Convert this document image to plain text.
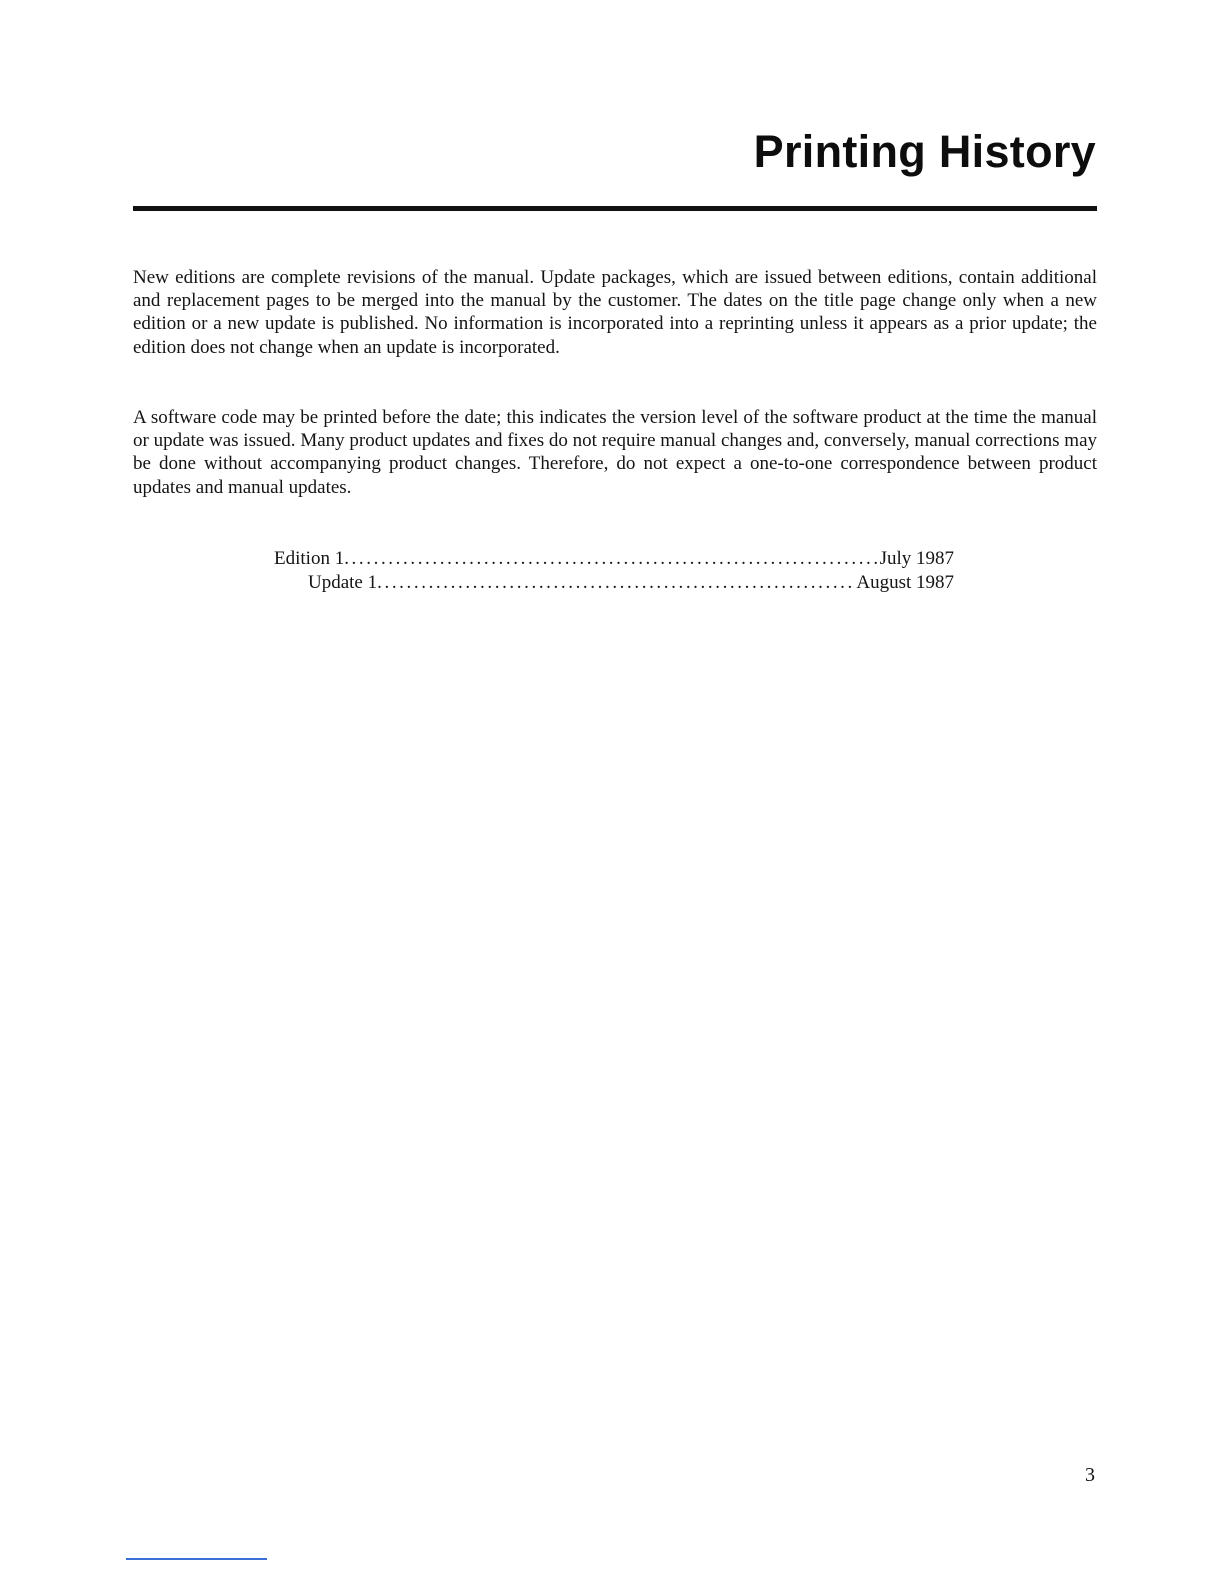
Printing History

New editions are complete revisions of the manual. Update packages, which are issued between editions, contain additional and replacement pages to be merged into the manual by the customer. The dates on the title page change only when a new edition or a new update is published. No information is incorporated into a reprinting unless it appears as a prior update; the edition does not change when an update is incorporated.

A software code may be printed before the date; this indicates the version level of the software product at the time the manual or update was issued. Many product updates and fixes do not require manual changes and, conversely, manual corrections may be done without accompanying product changes. Therefore, do not expect a one-to-one correspondence between product updates and manual updates.

Edition 1 .....	July 1987
Update 1 .....	August 1987
3
